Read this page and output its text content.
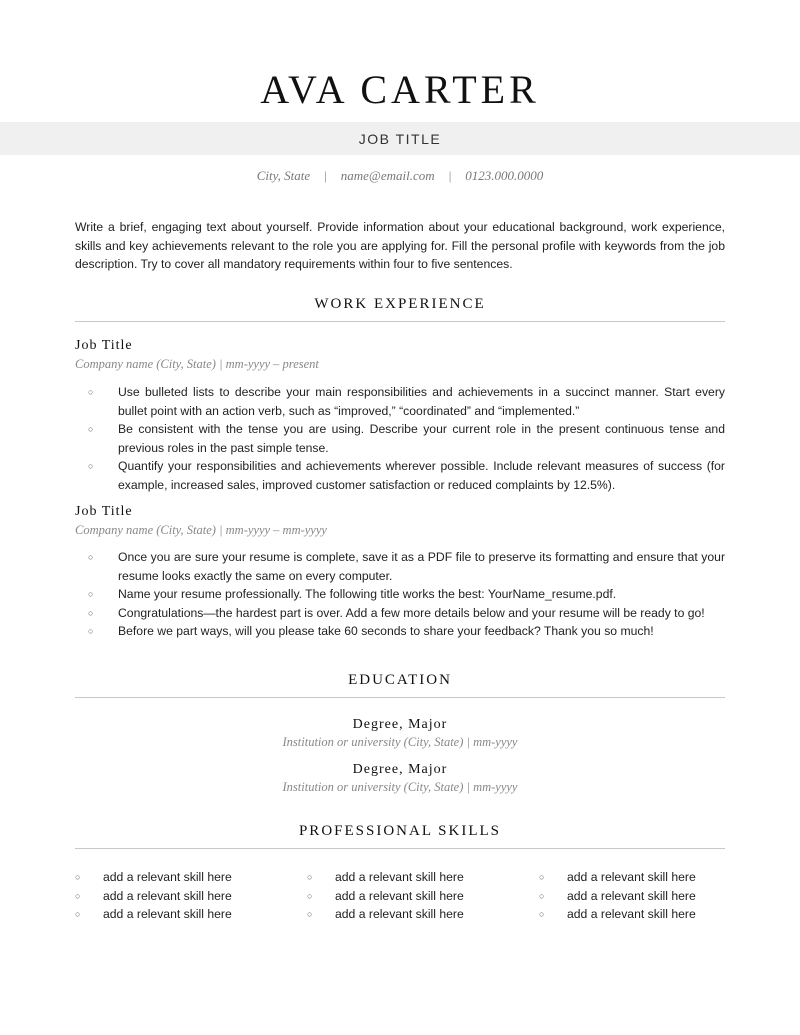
AVA CARTER
JOB TITLE
City, State | name@email.com | 0123.000.0000

Write a brief, engaging text about yourself. Provide information about your educational background, work experience, skills and key achievements relevant to the role you are applying for. Fill the personal profile with keywords from the job description. Try to cover all mandatory requirements within four to five sentences.

WORK EXPERIENCE
Job Title
Company name (City, State) | mm-yyyy – present
○ Use bulleted lists to describe your main responsibilities and achievements in a succinct manner. Start every bullet point with an action verb, such as “improved,” “coordinated” and “implemented.”
○ Be consistent with the tense you are using. Describe your current role in the present continuous tense and previous roles in the past simple tense.
○ Quantify your responsibilities and achievements wherever possible. Include relevant measures of success (for example, increased sales, improved customer satisfaction or reduced complaints by 12.5%).
Job Title
Company name (City, State) | mm-yyyy – mm-yyyy
○ Once you are sure your resume is complete, save it as a PDF file to preserve its formatting and ensure that your resume looks exactly the same on every computer.
○ Name your resume professionally. The following title works the best: YourName_resume.pdf.
○ Congratulations—the hardest part is over. Add a few more details below and your resume will be ready to go!
○ Before we part ways, will you please take 60 seconds to share your feedback? Thank you so much!
EDUCATION
Degree, Major
Institution or university (City, State) | mm-yyyy
Degree, Major
Institution or university (City, State) | mm-yyyy
PROFESSIONAL SKILLS
○ add a relevant skill here
○ add a relevant skill here
○ add a relevant skill here
○ add a relevant skill here
○ add a relevant skill here
○ add a relevant skill here
○ add a relevant skill here
○ add a relevant skill here
○ add a relevant skill here
